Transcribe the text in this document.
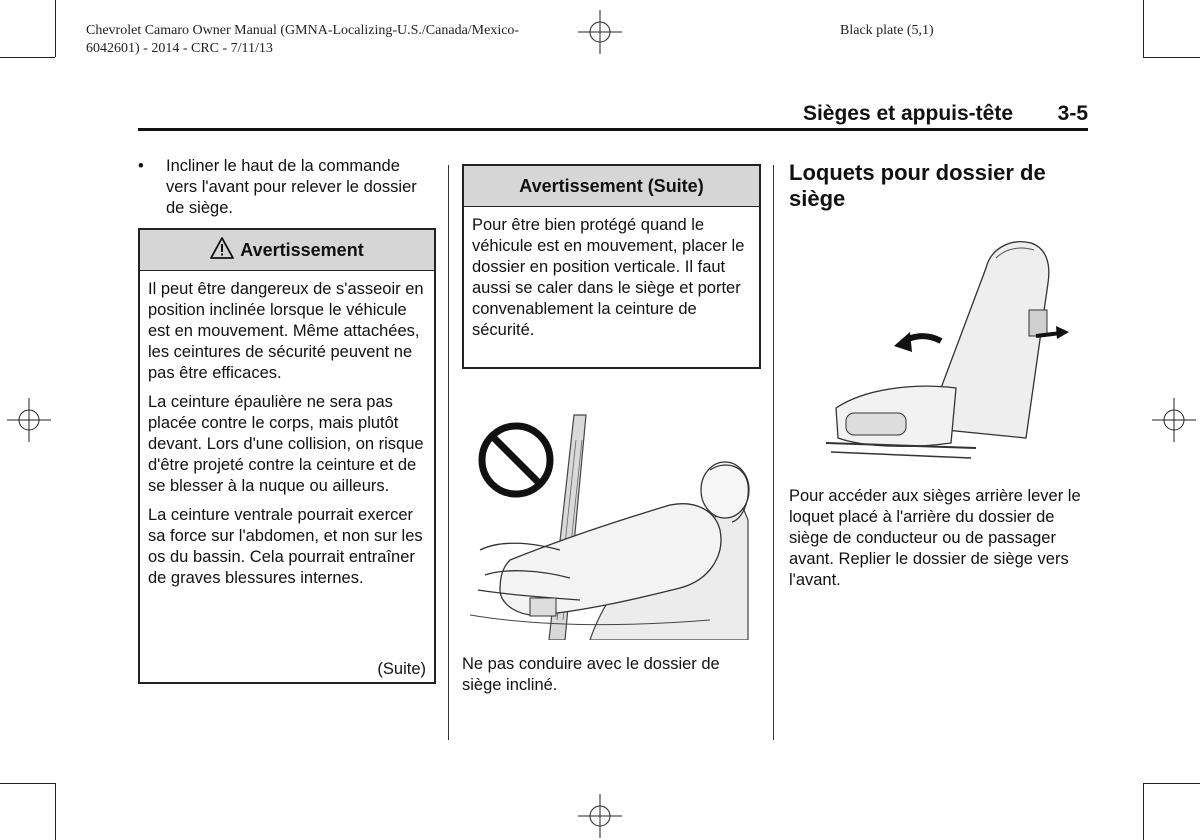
Chevrolet Camaro Owner Manual (GMNA-Localizing-U.S./Canada/Mexico-
6042601) - 2014 - CRC - 7/11/13
Black plate (5,1)
Sièges et appuis-tête 3-5
• Incliner le haut de la commande vers l'avant pour relever le dossier de siège.
Avertissement

Il peut être dangereux de s'asseoir en position inclinée lorsque le véhicule est en mouvement. Même attachées, les ceintures de sécurité peuvent ne pas être efficaces.

La ceinture épaulière ne sera pas placée contre le corps, mais plutôt devant. Lors d'une collision, on risque d'être projeté contre la ceinture et de se blesser à la nuque ou ailleurs.

La ceinture ventrale pourrait exercer sa force sur l'abdomen, et non sur les os du bassin. Cela pourrait entraîner de graves blessures internes.

(Suite)
Avertissement (Suite)
Pour être bien protégé quand le véhicule est en mouvement, placer le dossier en position verticale. Il faut aussi se caler dans le siège et porter convenablement la ceinture de sécurité.
Ne pas conduire avec le dossier de siège incliné.
Loquets pour dossier de siège
Pour accéder aux sièges arrière lever le loquet placé à l'arrière du dossier de siège de conducteur ou de passager avant. Replier le dossier de siège vers l'avant.
